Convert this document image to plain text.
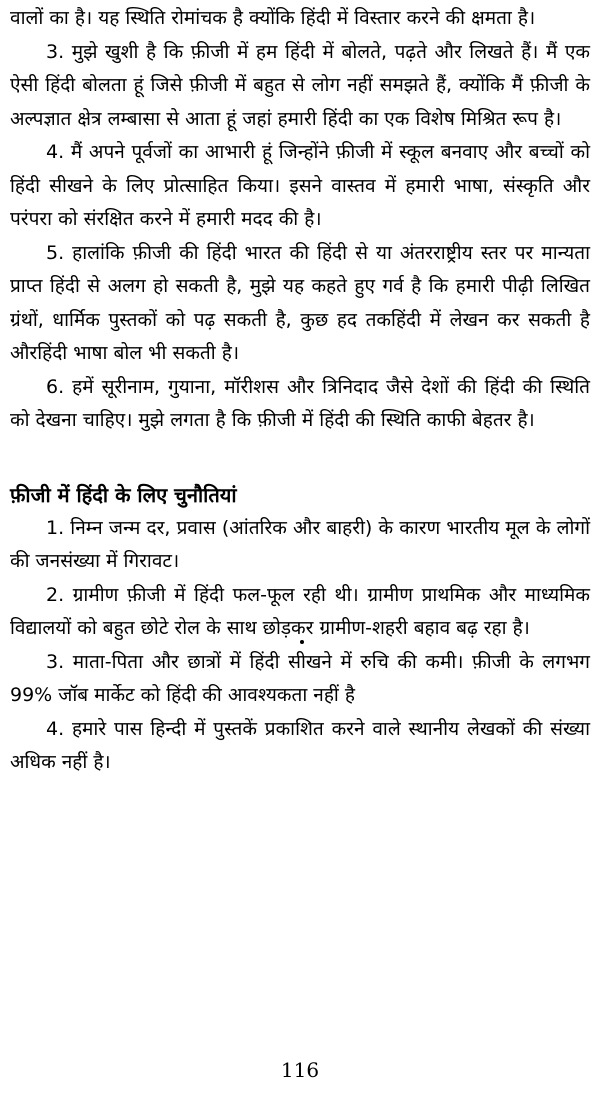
वालों का है। यह स्थिति रोमांचक है क्योंकि हिंदी में विस्तार करने की क्षमता है।

3. मुझे खुशी है कि फ़ीजी में हम हिंदी में बोलते, पढ़ते और लिखते हैं। मैं एक ऐसी हिंदी बोलता हूं जिसे फ़ीजी में बहुत से लोग नहीं समझते हैं, क्योंकि मैं फ़ीजी के अल्पज्ञात क्षेत्र लम्बासा से आता हूं जहां हमारी हिंदी का एक विशेष मिश्रित रूप है।

4. मैं अपने पूर्वजों का आभारी हूं जिन्होंने फ़ीजी में स्कूल बनवाए और बच्चों को हिंदी सीखने के लिए प्रोत्साहित किया। इसने वास्तव में हमारी भाषा, संस्कृति और परंपरा को संरक्षित करने में हमारी मदद की है।

5. हालांकि फ़ीजी की हिंदी भारत की हिंदी से या अंतरराष्ट्रीय स्तर पर मान्यता प्राप्त हिंदी से अलग हो सकती है, मुझे यह कहते हुए गर्व है कि हमारी पीढ़ी लिखित ग्रंथों, धार्मिक पुस्तकों को पढ़ सकती है, कुछ हद तकहिंदी में लेखन कर सकती है औरहिंदी भाषा बोल भी सकती है।

6. हमें सूरीनाम, गुयाना, मॉरीशस और त्रिनिदाद जैसे देशों की हिंदी की स्थिति को देखना चाहिए। मुझे लगता है कि फ़ीजी में हिंदी की स्थिति काफी बेहतर है।

फ़ीजी में हिंदी के लिए चुनौतियां

1. निम्न जन्म दर, प्रवास (आंतरिक और बाहरी) के कारण भारतीय मूल के लोगों की जनसंख्या में गिरावट।

2. ग्रामीण फ़ीजी में हिंदी फल-फूल रही थी। ग्रामीण प्राथमिक और माध्यमिक विद्यालयों को बहुत छोटे रोल के साथ छोड़कर ग्रामीण-शहरी बहाव बढ़ रहा है।

3. माता-पिता और छात्रों में हिंदी सीखने में रुचि की कमी। फ़ीजी के लगभग 99% जॉब मार्केट को हिंदी की आवश्यकता नहीं है

4. हमारे पास हिन्दी में पुस्तकें प्रकाशित करने वाले स्थानीय लेखकों की संख्या अधिक नहीं है।

116
